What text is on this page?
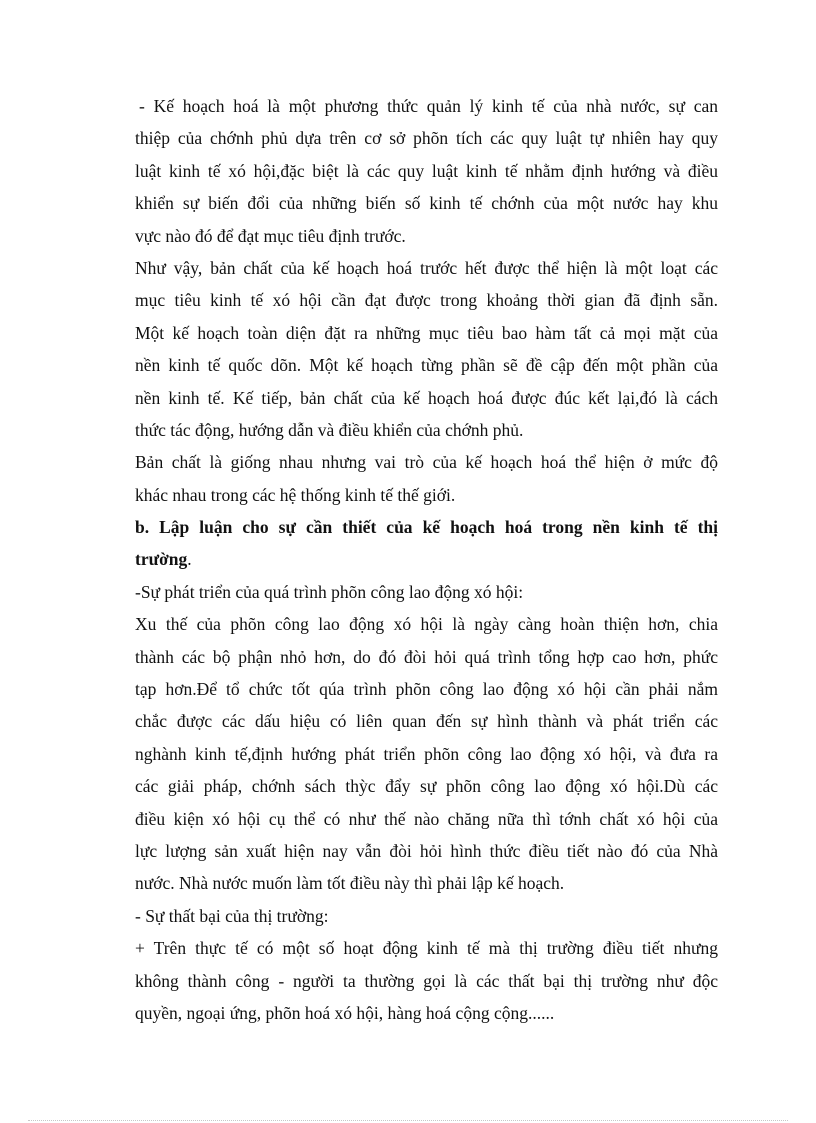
- Kế hoạch hoá là một phương thức quản lý kinh tế của nhà nước, sự can
thiệp của chớnh phủ dựa trên cơ sở phõn tích các quy luật tự nhiên hay quy
luật kinh tế xó hội,đặc biệt là các quy luật kinh tế nhằm định hướng và điều
khiển sự biến đổi của những biến số kinh tế chớnh của một nước hay khu
vực nào đó để đạt mục tiêu định trước.
Như vậy, bản chất của kế hoạch hoá trước hết được thể hiện là một loạt các
mục tiêu kinh tế xó hội cần đạt được trong khoảng thời gian đã định sẵn.
Một kế hoạch toàn diện đặt ra những mục tiêu bao hàm tất cả mọi mặt của
nền kinh tế quốc dõn. Một kế hoạch từng phần sẽ đề cập đến một phần của
nền kinh tế. Kế tiếp, bản chất của kế hoạch hoá được đúc kết lại,đó là cách
thức tác động, hướng dẫn và điều khiển của chớnh phủ.
Bản chất là giống nhau nhưng vai trò của kế hoạch hoá thể hiện ở mức độ
khác nhau trong các hệ thống kinh tế thế giới.
b. Lập luận cho sự cần thiết của kế hoạch hoá trong nền kinh tế thị
trường.
-Sự phát triển của quá trình phõn công lao động xó hội:
Xu thế của phõn công lao động xó hội là ngày càng hoàn thiện hơn, chia
thành các bộ phận nhỏ hơn, do đó đòi hỏi quá trình tổng hợp cao hơn, phức
tạp hơn.Để tổ chức tốt qúa trình phõn công lao động xó hội cần phải nắm
chắc được các dấu hiệu có liên quan đến sự hình thành và phát triển các
nghành kinh tế,định hướng phát triển phõn công lao động xó hội, và đưa ra
các giải pháp, chớnh sách thỳc đẩy sự phõn công lao động xó hội.Dù các
điều kiện xó hội cụ thể có như thế nào chăng nữa thì tớnh chất xó hội của
lực lượng sản xuất hiện nay vẫn đòi hỏi hình thức điều tiết nào đó của Nhà
nước. Nhà nước muốn làm tốt điều này thì phải lập kế hoạch.
- Sự thất bại của thị trường:
+ Trên thực tế có một số hoạt động kinh tế mà thị trường điều tiết nhưng
không thành công - người ta thường gọi là các thất bại thị trường như độc
quyền, ngoại ứng, phõn hoá xó hội, hàng hoá cộng cộng......
